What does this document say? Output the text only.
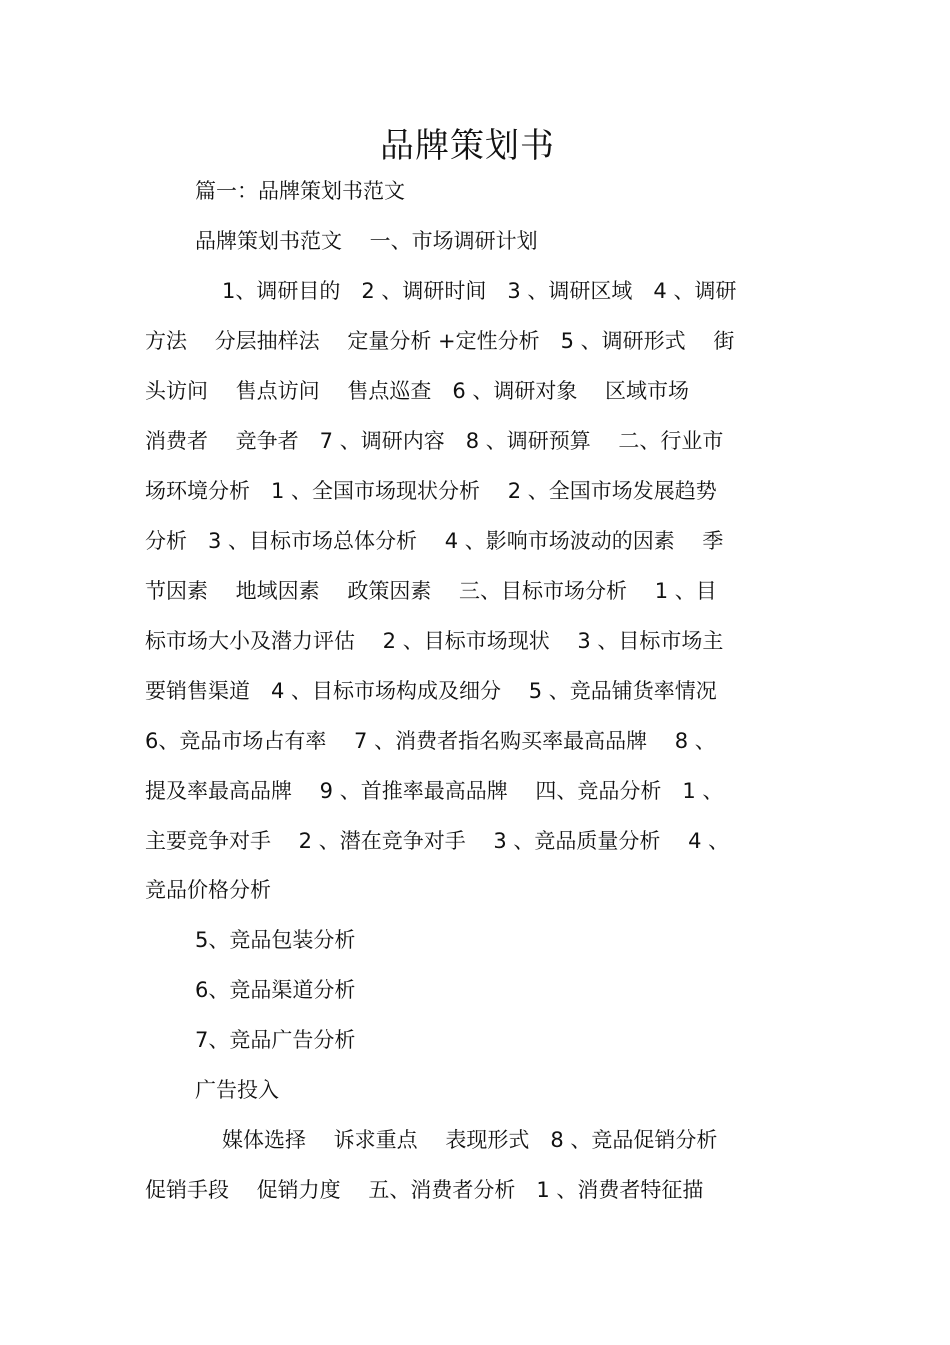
品牌策划书
篇一：品牌策划书范文
品牌策划书范文　 一、市场调研计划
1、调研目的　2 、调研时间　3 、调研区域　4 、调研
方法　 分层抽样法　 定量分析 +定性分析　5 、调研形式　 街
头访问　 售点访问　 售点巡查　6 、调研对象　 区域市场
消费者　 竞争者　7 、调研内容　8 、调研预算　 二、行业市
场环境分析　1 、全国市场现状分析　 2 、全国市场发展趋势
分析　3 、目标市场总体分析　 4 、影响市场波动的因素　 季
节因素　 地域因素　 政策因素　 三、目标市场分析　 1 、目
标市场大小及潜力评估　 2 、目标市场现状　 3 、目标市场主
要销售渠道　4 、目标市场构成及细分　 5 、竞品铺货率情况
6、竞品市场占有率　 7 、消费者指名购买率最高品牌　 8 、
提及率最高品牌　 9 、首推率最高品牌　 四、竞品分析　1 、
主要竞争对手　 2 、潜在竞争对手　 3 、竞品质量分析　 4 、
竞品价格分析
5、竞品包装分析
6、竞品渠道分析
7、竞品广告分析
广告投入
媒体选择　 诉求重点　 表现形式　8 、竞品促销分析
促销手段　 促销力度　 五、消费者分析　1 、消费者特征描
